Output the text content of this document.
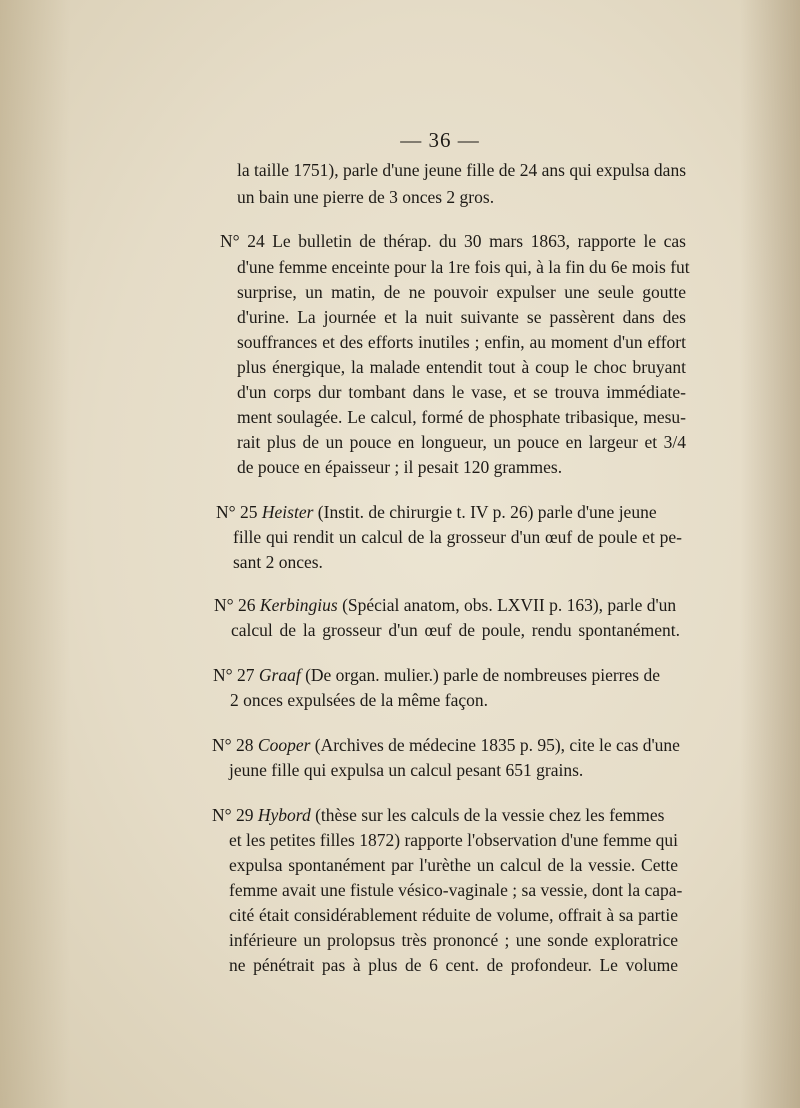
— 36 —
la taille 1751), parle d'une jeune fille de 24 ans qui expulsa dans
un bain une pierre de 3 onces 2 gros.
N° 24 Le bulletin de thérap. du 30 mars 1863, rapporte le cas
d'une femme enceinte pour la 1re fois qui, à la fin du 6e mois fut
surprise, un matin, de ne pouvoir expulser une seule goutte
d'urine. La journée et la nuit suivante se passèrent dans des
souffrances et des efforts inutiles ; enfin, au moment d'un effort
plus énergique, la malade entendit tout à coup le choc bruyant
d'un corps dur tombant dans le vase, et se trouva immédiate-
ment soulagée. Le calcul, formé de phosphate tribasique, mesu-
rait plus de un pouce en longueur, un pouce en largeur et 3/4
de pouce en épaisseur ; il pesait 120 grammes.
N° 25 Heister (Instit. de chirurgie t. IV p. 26) parle d'une jeune
fille qui rendit un calcul de la grosseur d'un œuf de poule et pe-
sant 2 onces.
N° 26 Kerbingius (Spécial anatom, obs. LXVII p. 163), parle d'un
calcul de la grosseur d'un œuf de poule, rendu spontanément.
N° 27 Graaf (De organ. mulier.) parle de nombreuses pierres de
2 onces expulsées de la même façon.
N° 28 Cooper (Archives de médecine 1835 p. 95), cite le cas d'une
jeune fille qui expulsa un calcul pesant 651 grains.
N° 29 Hybord (thèse sur les calculs de la vessie chez les femmes
et les petites filles 1872) rapporte l'observation d'une femme qui
expulsa spontanément par l'urèthe un calcul de la vessie. Cette
femme avait une fistule vésico-vaginale ; sa vessie, dont la capa-
cité était considérablement réduite de volume, offrait à sa partie
inférieure un prolopsus très prononcé ; une sonde exploratrice
ne pénétrait pas à plus de 6 cent. de profondeur. Le volume
